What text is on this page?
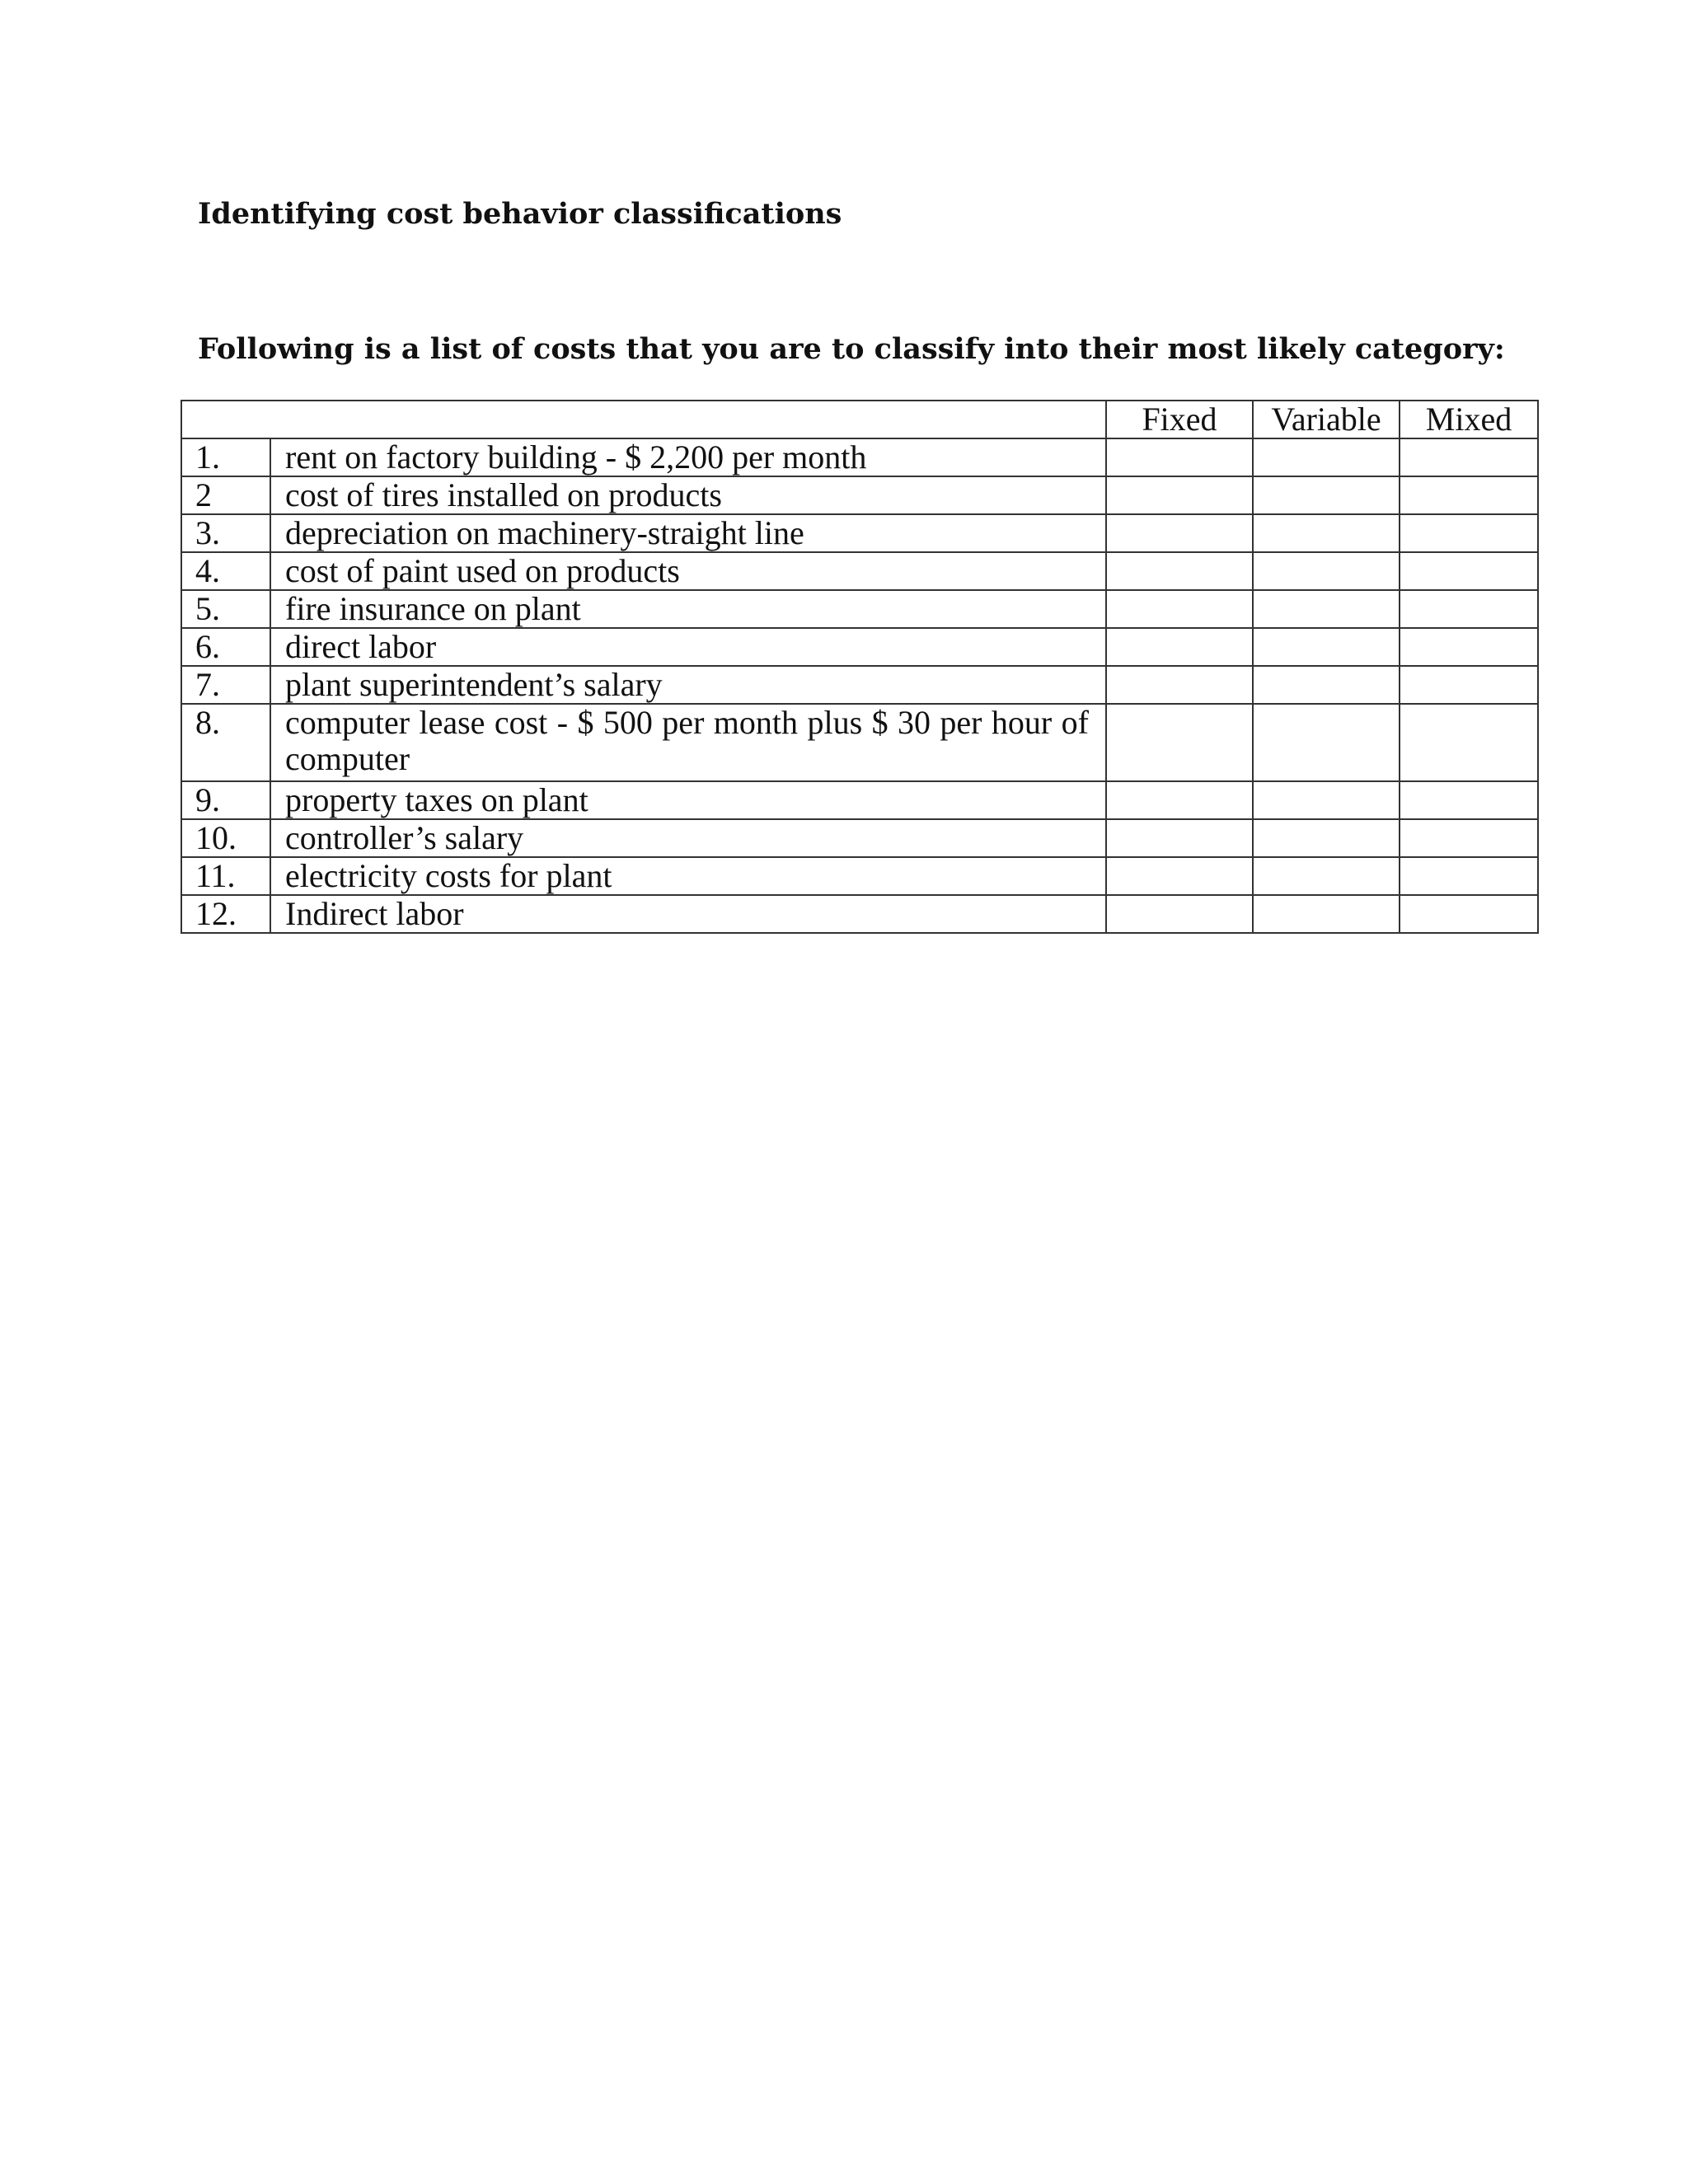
Identifying cost behavior classifications
Following is a list of costs that you are to classify into their most likely category:
		Fixed	Variable	Mixed
1.	rent on factory building - $ 2,200 per month			
2	cost of tires installed on products			
3.	depreciation on machinery-straight line			
4.	cost of paint used on products			
5.	fire insurance on plant			
6.	direct labor			
7.	plant superintendent’s salary			
8.	computer lease cost - $ 500 per month plus $ 30 per hour of computer			
9.	property taxes on plant			
10.	controller’s salary			
11.	electricity costs for plant			
12.	Indirect labor			
